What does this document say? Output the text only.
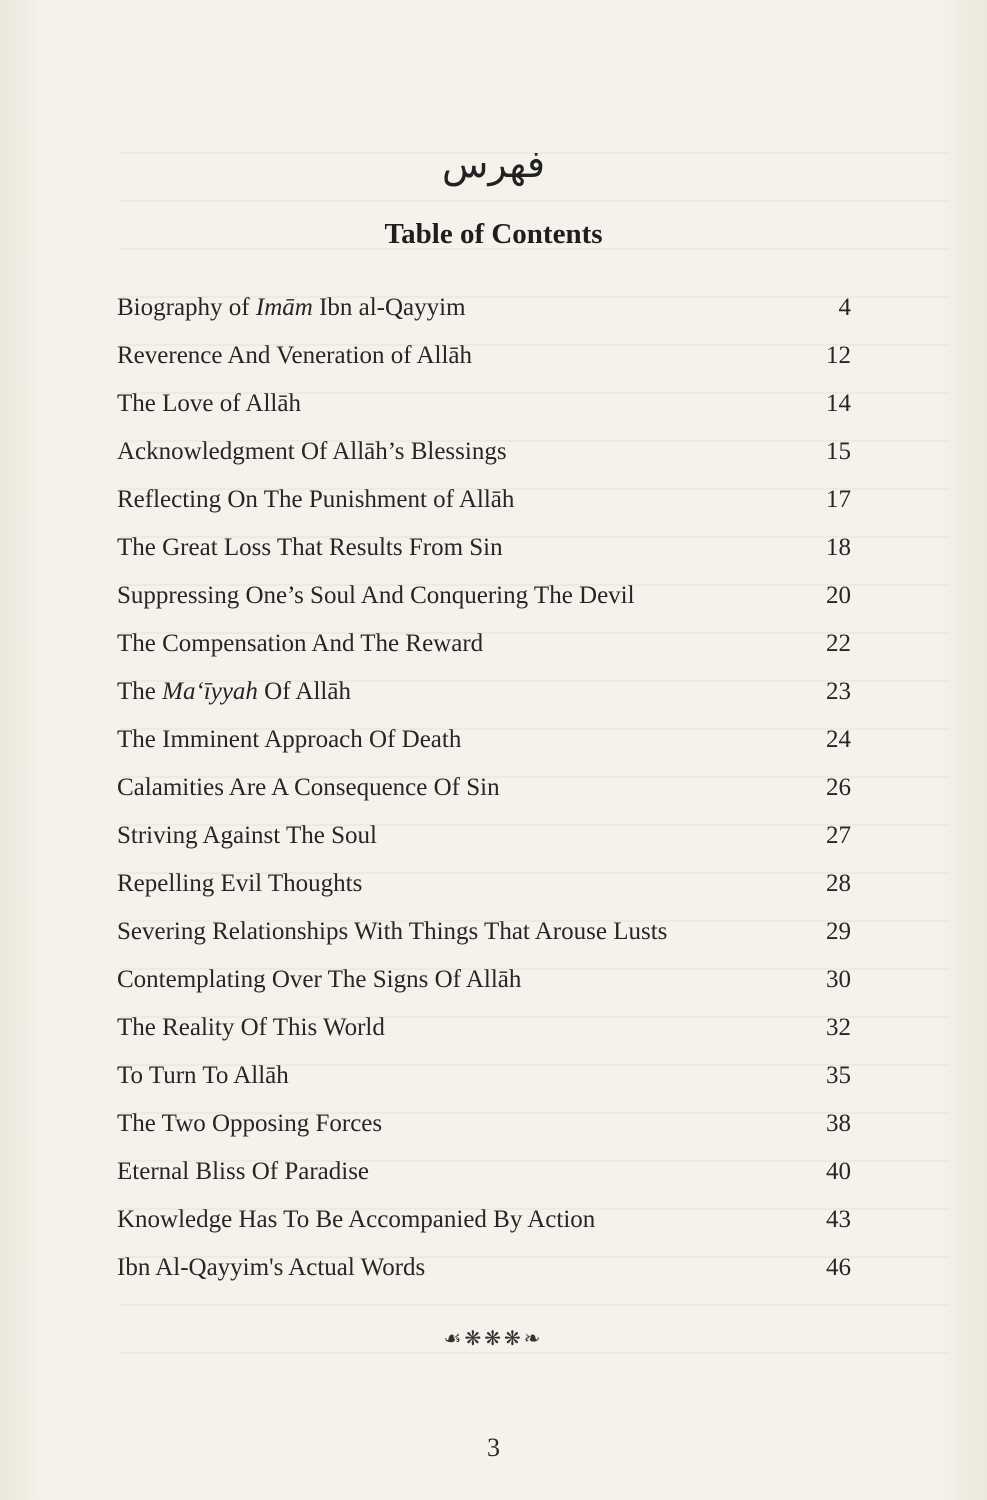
فهرس
Table of Contents
Biography of Imām Ibn al-Qayyim	4
Reverence And Veneration of Allāh	12
The Love of Allāh	14
Acknowledgment Of Allāh’s Blessings	15
Reflecting On The Punishment of Allāh	17
The Great Loss That Results From Sin	18
Suppressing One’s Soul And Conquering The Devil	20
The Compensation And The Reward	22
The Ma‘īyyah Of Allāh	23
The Imminent Approach Of Death	24
Calamities Are A Consequence Of Sin	26
Striving Against The Soul	27
Repelling Evil Thoughts	28
Severing Relationships With Things That Arouse Lusts	29
Contemplating Over The Signs Of Allāh	30
The Reality Of This World	32
To Turn To Allāh	35
The Two Opposing Forces	38
Eternal Bliss Of Paradise	40
Knowledge Has To Be Accompanied By Action	43
Ibn Al-Qayyim's Actual Words	46
☙❋❋❋❧
3
